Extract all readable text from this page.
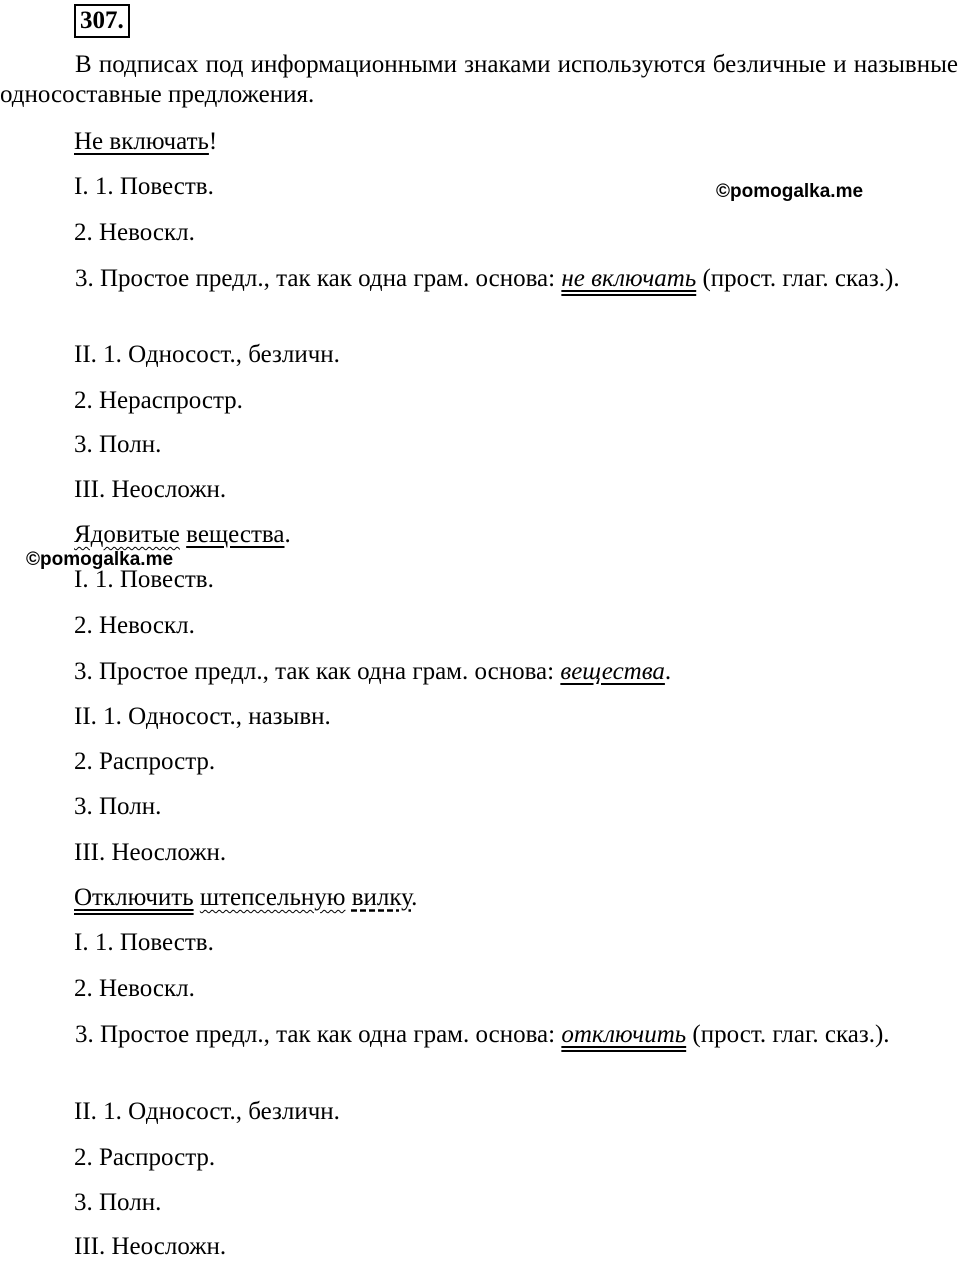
307.
В подписах под информационными знаками используются безличные и назывные односоставные предложения.
Не включать!
©pomogalka.me
I. 1. Повеств.
2. Невоскл.
3. Простое предл., так как одна грам. основа: не включать (прост. глаг. сказ.).
II. 1. Односост., безличн.
2. Нераспростр.
3. Полн.
III. Неосложн.
Ядовитые вещества.
©pomogalka.me
I. 1. Повеств.
2. Невоскл.
3. Простое предл., так как одна грам. основа: вещества.
II. 1. Односост., назывн.
2. Распростр.
3. Полн.
III. Неосложн.
Отключить штепсельную вилку.
I. 1. Повеств.
2. Невоскл.
3. Простое предл., так как одна грам. основа: отключить (прост. глаг. сказ.).
II. 1. Односост., безличн.
2. Распростр.
3. Полн.
III. Неосложн.
